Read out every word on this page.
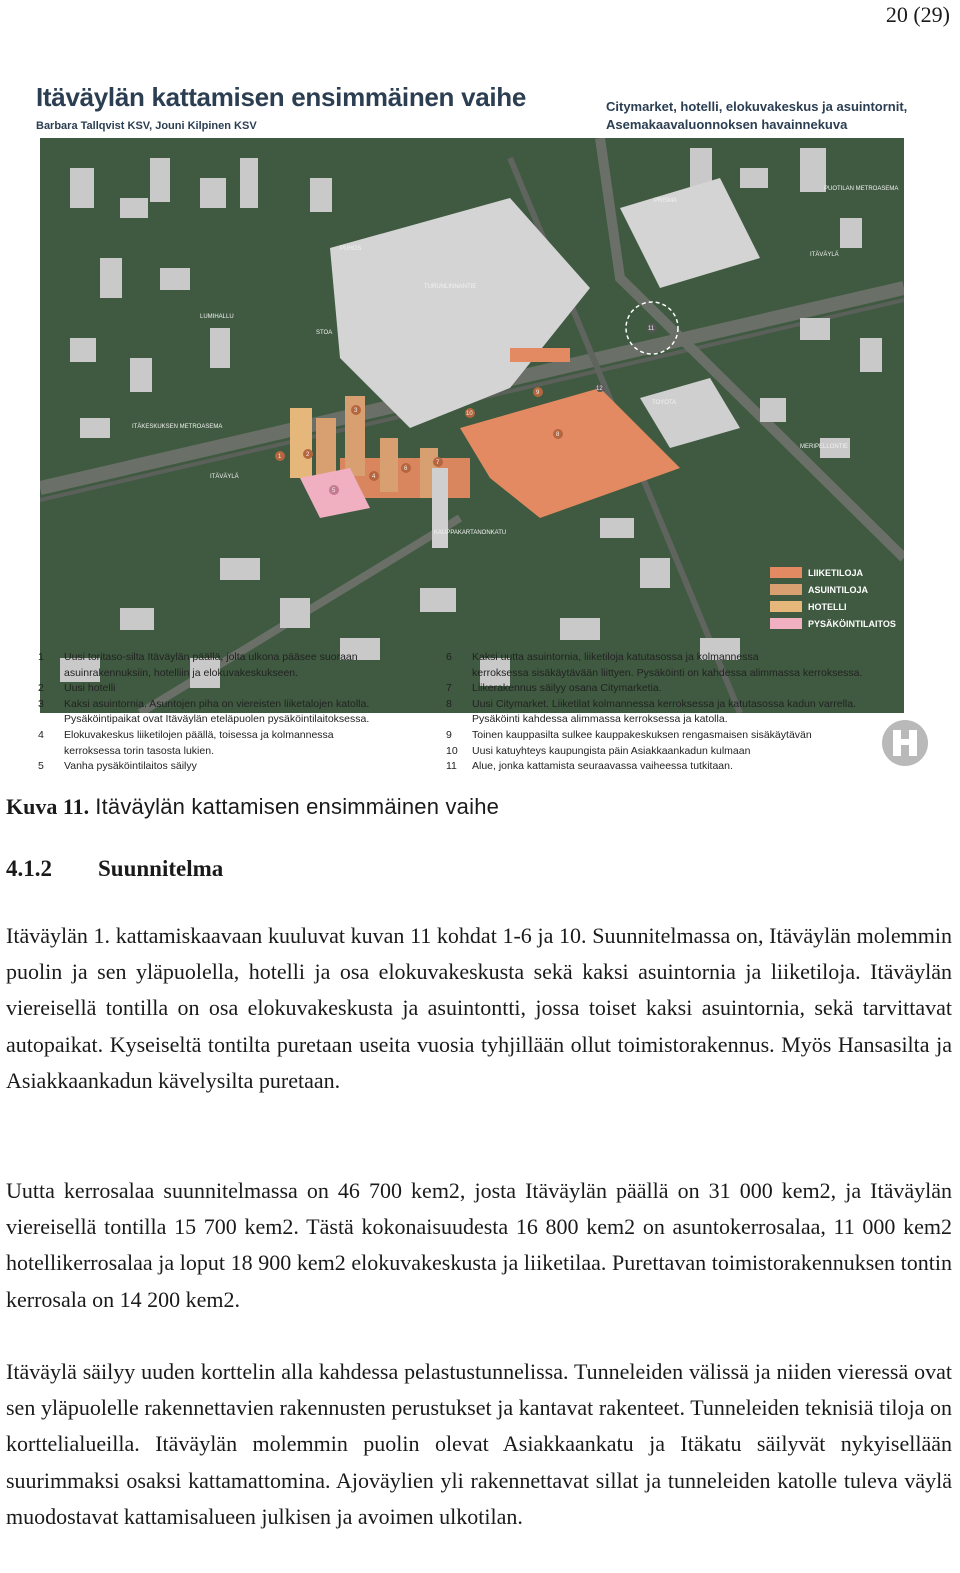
20 (29)
Itäväylän kattamisen ensimmäinen vaihe
Barbara Tallqvist KSV, Jouni Kilpinen KSV
Citymarket, hotelli, elokuvakeskus ja asuintornit,
Asemakaavaluonnoksen havainnekuva
PUHOS
PRISMA
STOA
TOYOTA
LUMIHALLU
ITÄVÄYLÄ
ITÄVÄYLÄ
ITÄKESKUKSEN METROASEMA
PUOTILAN METROASEMA
KAUPPAKARTANONKATU
TURUNLINNANTIE
MERIPELLONTIE
1	2
3
4
5
6
7
8
9
10
11
12
LIIKETILOJA
ASUINTILOJA
HOTELLI
PYSÄKÖINTILAITOS
1	Uusi toritaso-silta Itäväylän päällä, jolta ulkona pääsee suoraan
asuinrakennuksiin, hotelliin ja elokuvakeskukseen.
2	Uusi hotelli
3	Kaksi asuintornia. Asuntojen piha on viereisten liiketalojen katolla.
Pysäköintipaikat ovat Itäväylän eteläpuolen pysäköintilaitoksessa.
4	Elokuvakeskus liiketilojen päällä, toisessa ja kolmannessa
kerroksessa torin tasosta lukien.
5	Vanha pysäköintilaitos säilyy
6	Kaksi uutta asuintornia, liiketiloja katutasossa ja kolmannessa
kerroksessa sisäkäytävään liittyen. Pysäköinti on kahdessa alimmassa kerroksessa.
7	Liikerakennus säilyy osana Citymarketia.
8	Uusi Citymarket. Liiketilat kolmannessa kerroksessa ja katutasossa kadun varrella.
Pysäköinti kahdessa alimmassa kerroksessa ja katolla.
9	Toinen kauppasilta sulkee kauppakeskuksen rengasmaisen sisäkäytävän
10	Uusi katuyhteys kaupungista päin Asiakkaankadun kulmaan
11	Alue, jonka kattamista seuraavassa vaiheessa tutkitaan.
Kuva 11. Itäväylän kattamisen ensimmäinen vaihe
4.1.2 Suunnitelma

Itäväylän 1. kattamiskaavaan kuuluvat kuvan 11 kohdat 1-6 ja 10. Suunnitelmassa on, Itäväylän molemmin puolin ja sen yläpuolella, hotelli ja osa elokuvakeskusta sekä kaksi asuintornia ja liiketiloja. Itäväylän viereisellä tontilla on osa elokuvakeskusta ja asuintontti, jossa toiset kaksi asuintornia, sekä tarvittavat autopaikat. Kyseiseltä tontilta puretaan useita vuosia tyhjillään ollut toimistorakennus. Myös Hansasilta ja Asiakkaankadun kävelysilta puretaan.

Uutta kerrosalaa suunnitelmassa on 46 700 kem2, josta Itäväylän päällä on 31 000 kem2, ja Itäväylän viereisellä tontilla 15 700 kem2. Tästä kokonaisuudesta 16 800 kem2 on asuntokerrosalaa, 11 000 kem2 hotellikerrosalaa ja loput 18 900 kem2 elokuvakeskusta ja liiketilaa. Purettavan toimistorakennuksen tontin kerrosala on 14 200 kem2.

Itäväylä säilyy uuden korttelin alla kahdessa pelastustunnelissa. Tunneleiden välissä ja niiden vieressä ovat sen yläpuolelle rakennettavien rakennusten perustukset ja kantavat rakenteet. Tunneleiden teknisiä tiloja on korttelialueilla. Itäväylän molemmin puolin olevat Asiakkaankatu ja Itäkatu säilyvät nykyisellään suurimmaksi osaksi kattamattomina. Ajoväylien yli rakennettavat sillat ja tunneleiden katolle tuleva väylä muodostavat kattamisalueen julkisen ja avoimen ulkotilan.
